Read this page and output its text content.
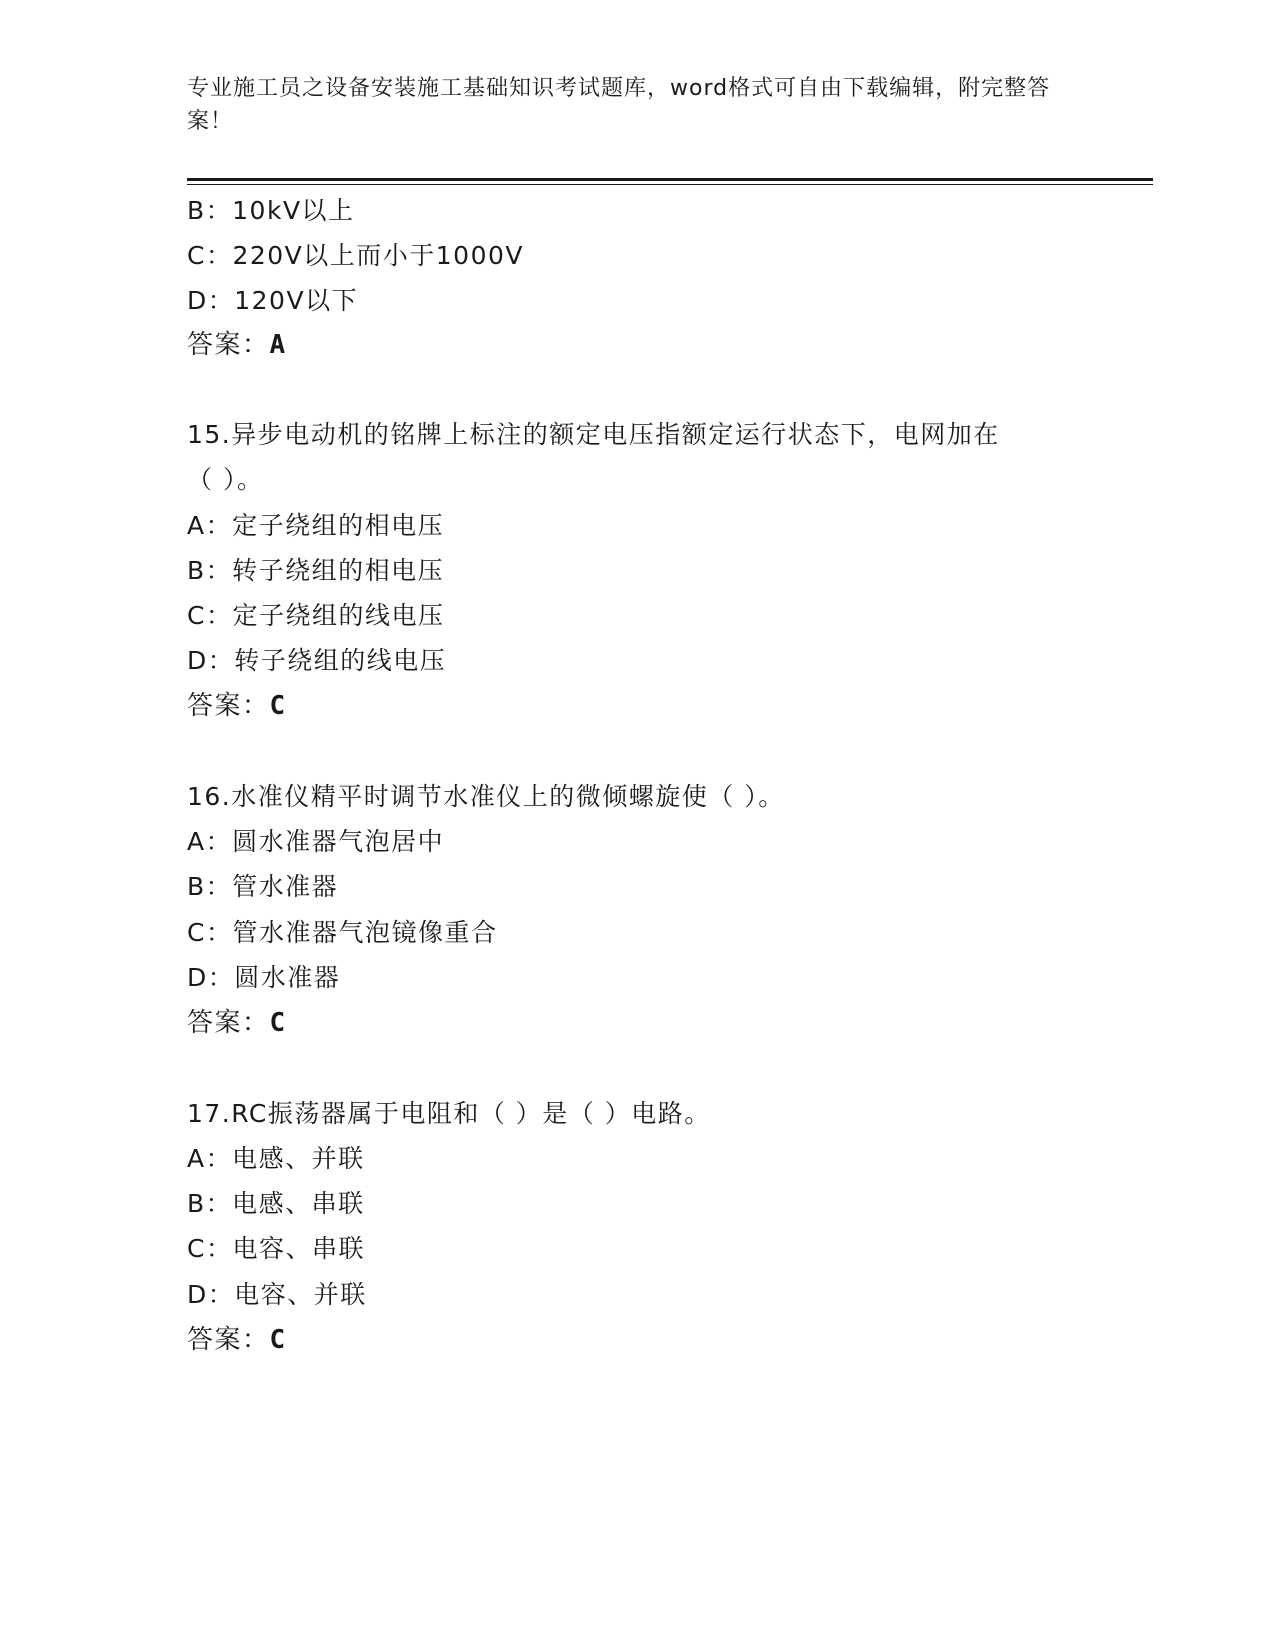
专业施工员之设备安装施工基础知识考试题库，word格式可自由下载编辑，附完整答案！
B：10kV以上
C：220V以上而小于1000V
D：120V以下
答案：A
15.异步电动机的铭牌上标注的额定电压指额定运行状态下，电网加在
（ ）。
A：定子绕组的相电压
B：转子绕组的相电压
C：定子绕组的线电压
D：转子绕组的线电压
答案：C
16.水准仪精平时调节水准仪上的微倾螺旋使（ ）。
A：圆水准器气泡居中
B：管水准器
C：管水准器气泡镜像重合
D：圆水准器
答案：C
17.RC振荡器属于电阻和（ ）是（ ）电路。
A：电感、并联
B：电感、串联
C：电容、串联
D：电容、并联
答案：C
